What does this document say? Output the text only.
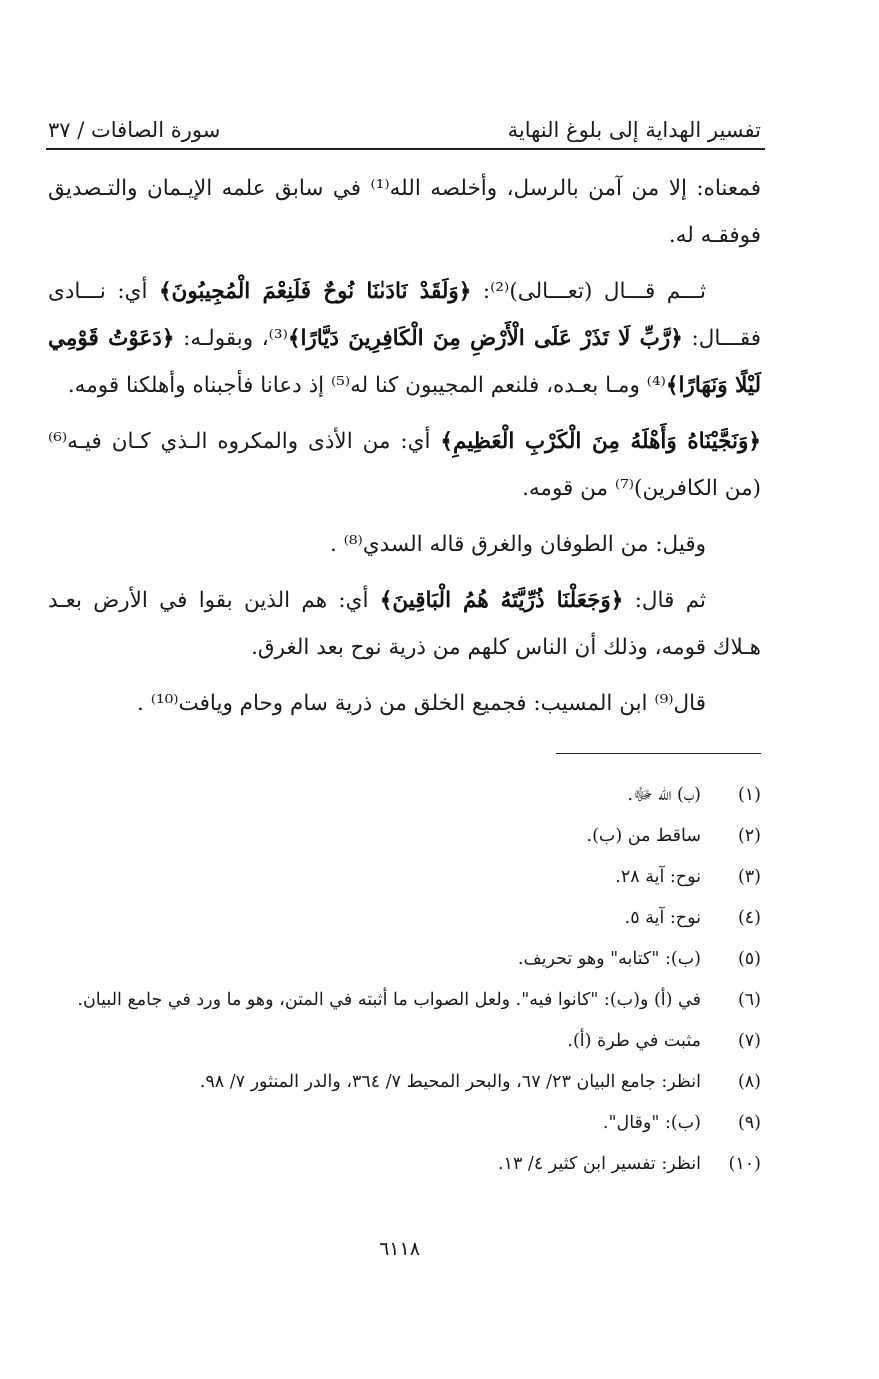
تفسير الهداية إلى بلوغ النهاية
سورة الصافات / ٣٧

فمعناه: إلا من آمن بالرسل، وأخلصه الله⁽¹⁾ في سابق علمه الإيـمان والتـصديق فوفقـه له.

ثـــم قـــال (تعـــالى)⁽²⁾: ﴿وَلَقَدْ نَادَىٰنَا نُوحٌ فَلَنِعْمَ الْمُجِيبُونَ﴾ أي: نـــادى فقـــال: ﴿رَّبِّ لَا تَذَرْ عَلَى الْأَرْضِ مِنَ الْكَافِرِينَ دَيَّارًا﴾⁽³⁾، وبقولـه: ﴿دَعَوْتُ قَوْمِي لَيْلًا وَنَهَارًا﴾⁽⁴⁾ ومـا بعـده، فلنعم المجيبون كنا له⁽⁵⁾ إذ دعانا فأجبناه وأهلكنا قومه.

﴿وَنَجَّيْنَاهُ وَأَهْلَهُ مِنَ الْكَرْبِ الْعَظِيمِ﴾ أي: من الأذى والمكروه الـذي كـان فيـه⁽⁶⁾ (من الكافرين)⁽⁷⁾ من قومه.

وقيل: من الطوفان والغرق قاله السدي⁽⁸⁾ .

ثم قال: ﴿وَجَعَلْنَا ذُرِّيَّتَهُ هُمُ الْبَاقِينَ﴾ أي: هم الذين بقوا في الأرض بعـد هـلاك قومه، وذلك أن الناس كلهم من ذرية نوح بعد الغرق.

قال⁽⁹⁾ ابن المسيب: فجميع الخلق من ذرية سام وحام ويافت⁽¹⁰⁾ .

(١)
(ب) الله ﷻ.
(٢)
ساقط من (ب).
(٣)
نوح: آية ٢٨.
(٤)
نوح: آية ٥.
(٥)
(ب): "كتابه" وهو تحريف.
(٦)
في (أ) و(ب): "كانوا فيه". ولعل الصواب ما أثبته في المتن، وهو ما ورد في جامع البيان.
(٧)
مثبت في طرة (أ).
(٨)
انظر: جامع البيان ٢٣/ ٦٧، والبحر المحيط ٧/ ٣٦٤، والدر المنثور ٧/ ٩٨.
(٩)
(ب): "وقال".
(١٠)
انظر: تفسير ابن كثير ٤/ ١٣.
٦١١٨
